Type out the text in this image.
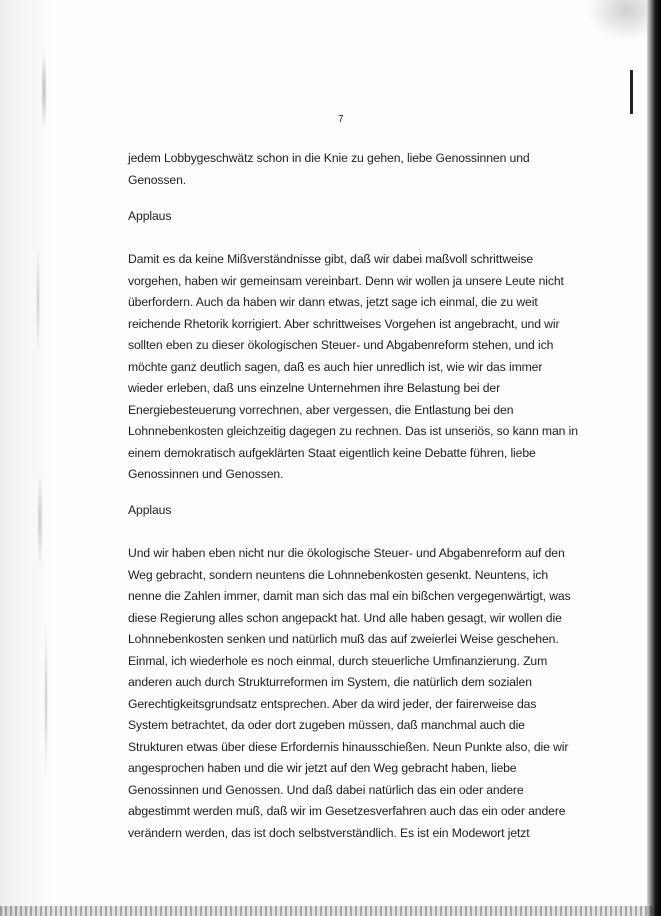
7
jedem Lobbygeschwätz schon in die Knie zu gehen, liebe Genossinnen und
Genossen.
Applaus
Damit es da keine Mißverständnisse gibt, daß wir dabei maßvoll schrittweise
vorgehen, haben wir gemeinsam vereinbart. Denn wir wollen ja unsere Leute nicht
überfordern. Auch da haben wir dann etwas, jetzt sage ich einmal, die zu weit
reichende Rhetorik korrigiert. Aber schrittweises Vorgehen ist angebracht, und wir
sollten eben zu dieser ökologischen Steuer- und Abgabenreform stehen, und ich
möchte ganz deutlich sagen, daß es auch hier unredlich ist, wie wir das immer
wieder erleben, daß uns einzelne Unternehmen ihre Belastung bei der
Energiebesteuerung vorrechnen, aber vergessen, die Entlastung bei den
Lohnnebenkosten gleichzeitig dagegen zu rechnen. Das ist unseriös, so kann man in
einem demokratisch aufgeklärten Staat eigentlich keine Debatte führen, liebe
Genossinnen und Genossen.
Applaus
Und wir haben eben nicht nur die ökologische Steuer- und Abgabenreform auf den
Weg gebracht, sondern neuntens die Lohnnebenkosten gesenkt. Neuntens, ich
nenne die Zahlen immer, damit man sich das mal ein bißchen vergegenwärtigt, was
diese Regierung alles schon angepackt hat. Und alle haben gesagt, wir wollen die
Lohnnebenkosten senken und natürlich muß das auf zweierlei Weise geschehen.
Einmal, ich wiederhole es noch einmal, durch steuerliche Umfinanzierung. Zum
anderen auch durch Strukturreformen im System, die natürlich dem sozialen
Gerechtigkeitsgrundsatz entsprechen. Aber da wird jeder, der fairerweise das
System betrachtet, da oder dort zugeben müssen, daß manchmal auch die
Strukturen etwas über diese Erfordernis hinausschießen. Neun Punkte also, die wir
angesprochen haben und die wir jetzt auf den Weg gebracht haben, liebe
Genossinnen und Genossen. Und daß dabei natürlich das ein oder andere
abgestimmt werden muß, daß wir im Gesetzesverfahren auch das ein oder andere
verändern werden, das ist doch selbstverständlich. Es ist ein Modewort jetzt
